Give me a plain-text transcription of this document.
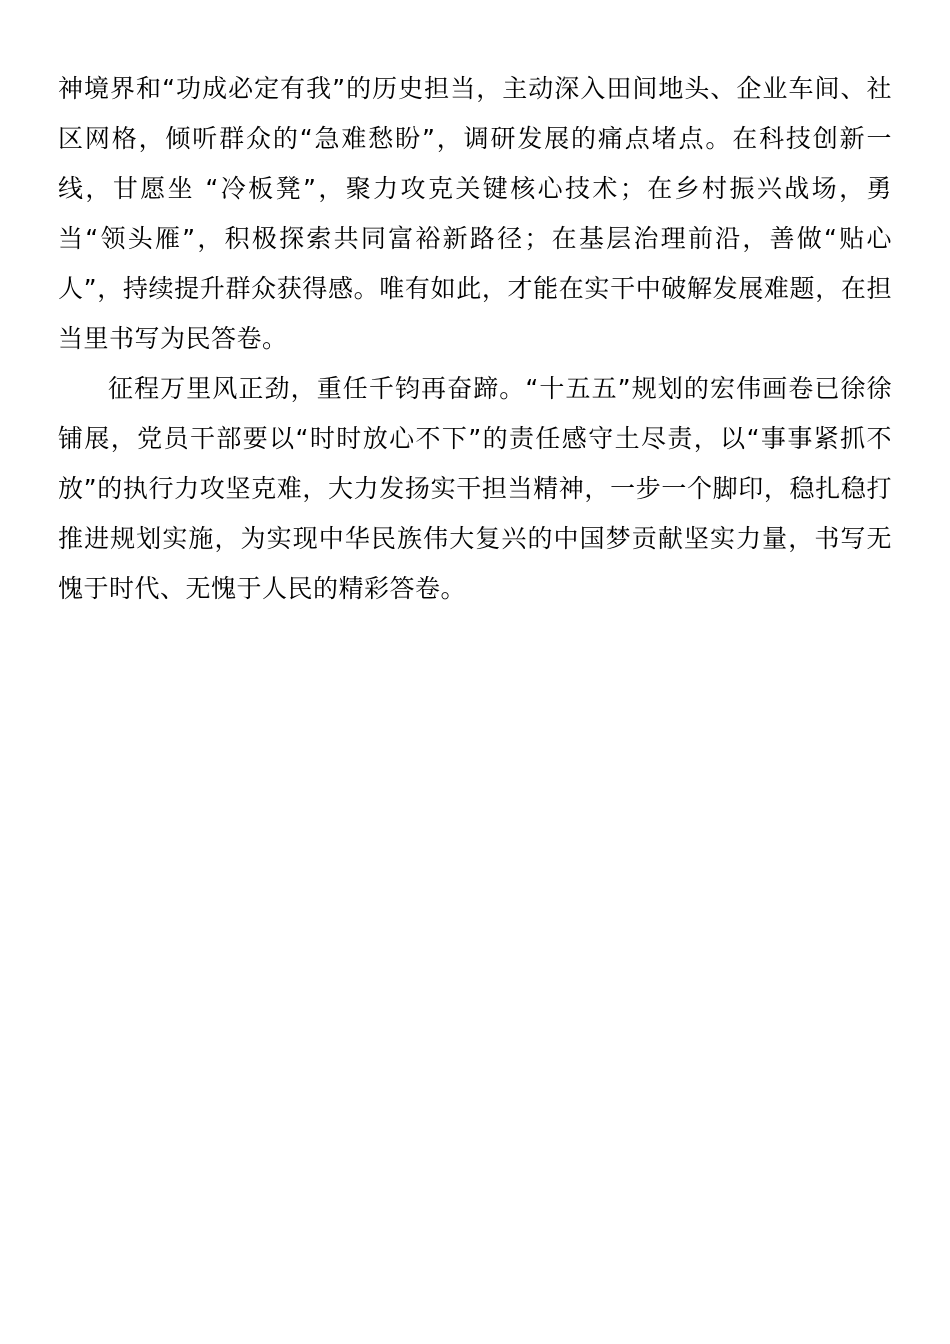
神境界和“功成必定有我”的历史担当，主动深入田间地头、企业车间、社区网格，倾听群众的“急难愁盼”，调研发展的痛点堵点。在科技创新一线，甘愿坐 “冷板凳”，聚力攻克关键核心技术；在乡村振兴战场，勇当“领头雁”，积极探索共同富裕新路径；在基层治理前沿，善做“贴心人”，持续提升群众获得感。唯有如此，才能在实干中破解发展难题，在担当里书写为民答卷。

征程万里风正劲，重任千钧再奋蹄。“十五五”规划的宏伟画卷已徐徐铺展，党员干部要以“时时放心不下”的责任感守土尽责，以“事事紧抓不放”的执行力攻坚克难，大力发扬实干担当精神，一步一个脚印，稳扎稳打推进规划实施，为实现中华民族伟大复兴的中国梦贡献坚实力量，书写无愧于时代、无愧于人民的精彩答卷。
